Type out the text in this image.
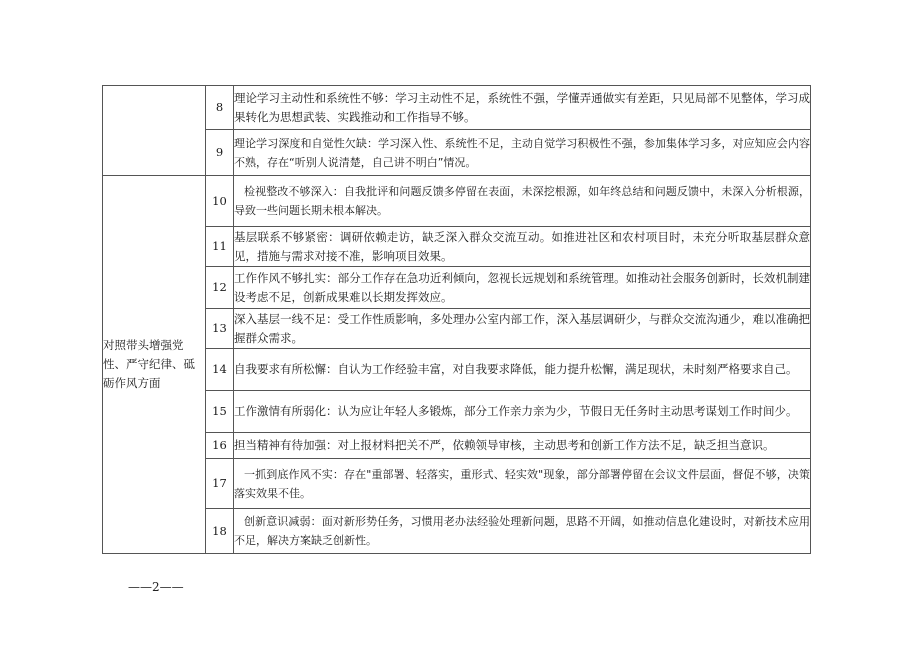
	8	理论学习主动性和系统性不够：学习主动性不足，系统性不强，学懂弄通做实有差距，只见局部不见整体，学习成果转化为思想武装、实践推动和工作指导不够。
	9	理论学习深度和自觉性欠缺：学习深入性、系统性不足，主动自觉学习积极性不强，参加集体学习多，对应知应会内容不熟，存在“听别人说清楚，自己讲不明白”情况。
对照带头增强党性、严守纪律、砥砺作风方面	10	检视整改不够深入：自我批评和问题反馈多停留在表面，未深挖根源，如年终总结和问题反馈中，未深入分析根源，导致一些问题长期未根本解决。
	11	基层联系不够紧密：调研依赖走访，缺乏深入群众交流互动。如推进社区和农村项目时，未充分听取基层群众意见，措施与需求对接不准，影响项目效果。
	12	工作作风不够扎实：部分工作存在急功近利倾向，忽视长远规划和系统管理。如推动社会服务创新时，长效机制建设考虑不足，创新成果难以长期发挥效应。
	13	深入基层一线不足：受工作性质影响，多处理办公室内部工作，深入基层调研少，与群众交流沟通少，难以准确把握群众需求。
	14	自我要求有所松懈：自认为工作经验丰富，对自我要求降低，能力提升松懈，满足现状，未时刻严格要求自己。
	15	工作激情有所弱化：认为应让年轻人多锻炼，部分工作亲力亲为少，节假日无任务时主动思考谋划工作时间少。
	16	担当精神有待加强：对上报材料把关不严，依赖领导审核，主动思考和创新工作方法不足，缺乏担当意识。
	17	一抓到底作风不实：存在"重部署、轻落实，重形式、轻实效"现象，部分部署停留在会议文件层面，督促不够，决策落实效果不佳。
	18	创新意识减弱：面对新形势任务，习惯用老办法经验处理新问题，思路不开阔，如推动信息化建设时，对新技术应用不足，解决方案缺乏创新性。
——2——
